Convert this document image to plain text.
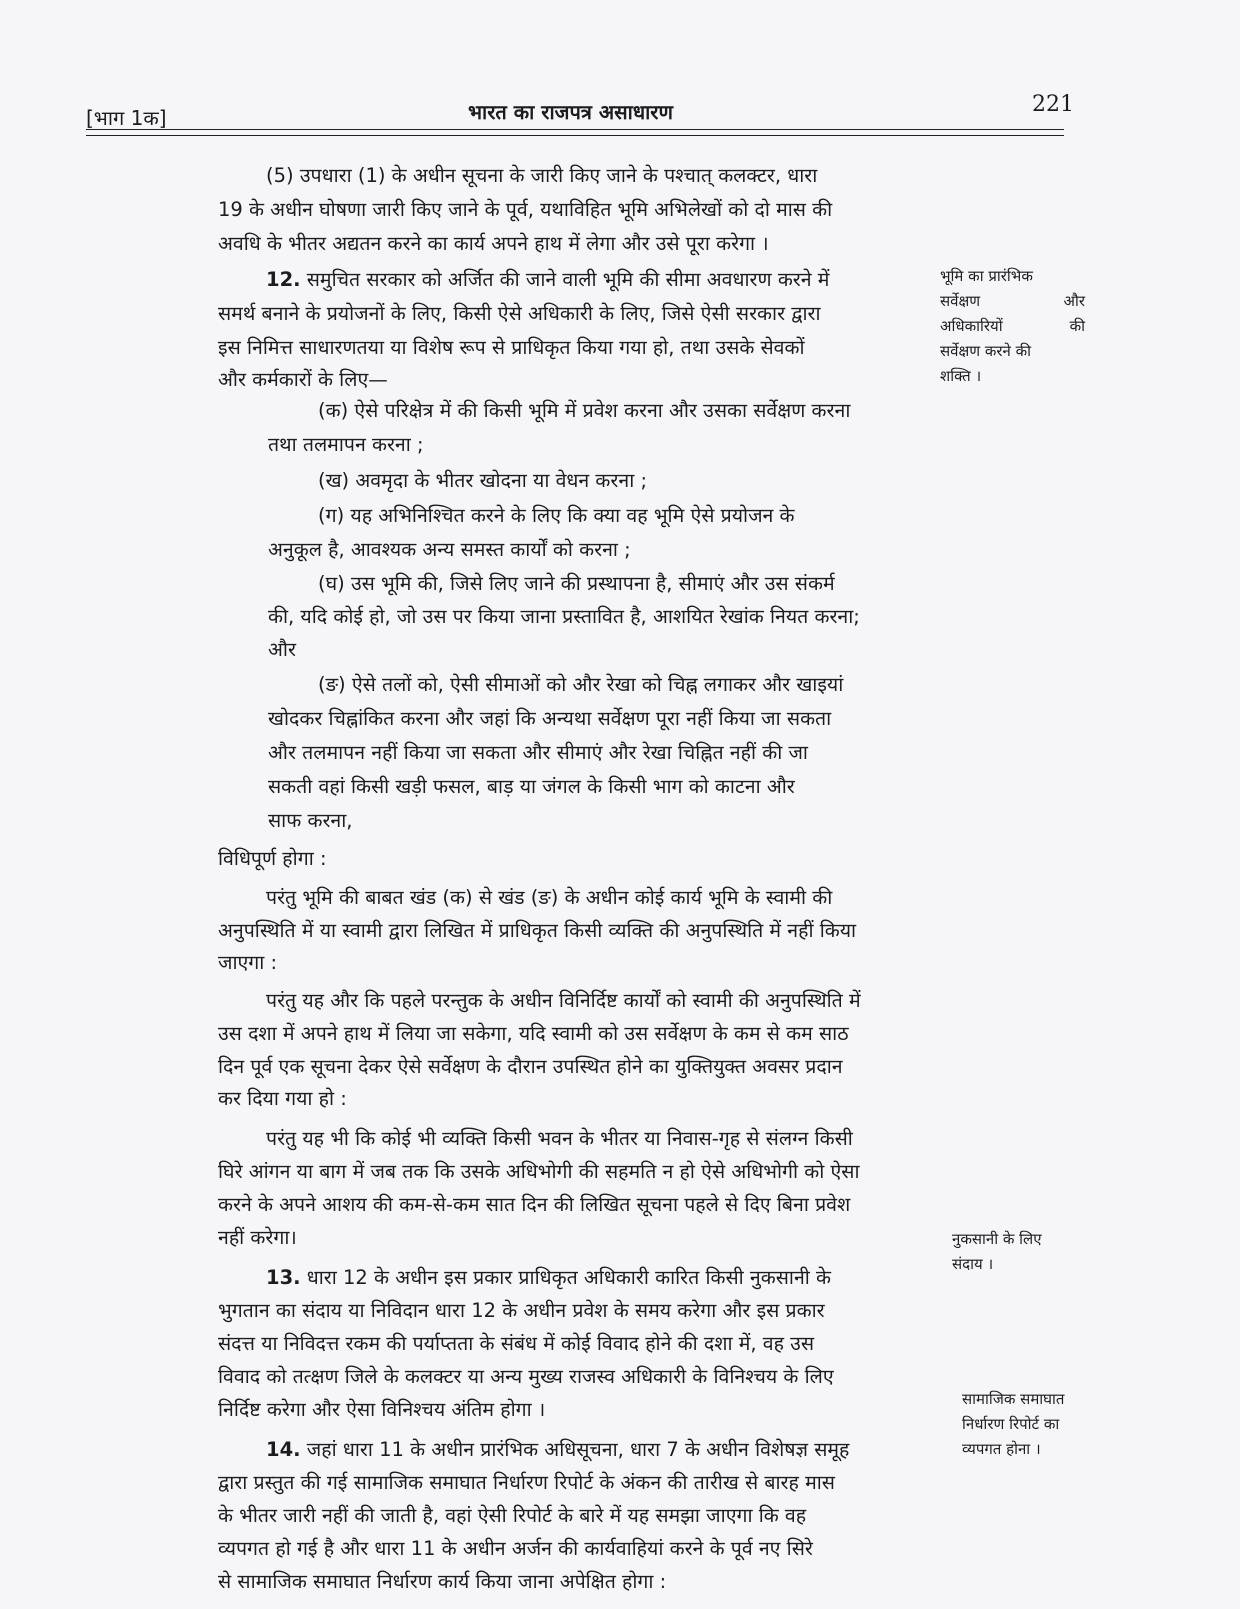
[भाग 1क]	भारत का राजपत्र असाधारण	221
(5) उपधारा (1) के अधीन सूचना के जारी किए जाने के पश्चात् कलक्टर, धारा
19 के अधीन घोषणा जारी किए जाने के पूर्व, यथाविहित भूमि अभिलेखों को दो मास की
अवधि के भीतर अद्यतन करने का कार्य अपने हाथ में लेगा और उसे पूरा करेगा ।
12. समुचित सरकार को अर्जित की जाने वाली भूमि की सीमा अवधारण करने में
समर्थ बनाने के प्रयोजनों के लिए, किसी ऐसे अधिकारी के लिए, जिसे ऐसी सरकार द्वारा
इस निमित्त साधारणतया या विशेष रूप से प्राधिकृत किया गया हो, तथा उसके सेवकों
और कर्मकारों के लिए—
(क) ऐसे परिक्षेत्र में की किसी भूमि में प्रवेश करना और उसका सर्वेक्षण करना
तथा तलमापन करना ;
(ख) अवमृदा के भीतर खोदना या वेधन करना ;
(ग) यह अभिनिश्चित करने के लिए कि क्या वह भूमि ऐसे प्रयोजन के
अनुकूल है, आवश्यक अन्य समस्त कार्यों को करना ;
(घ) उस भूमि की, जिसे लिए जाने की प्रस्थापना है, सीमाएं और उस संकर्म
की, यदि कोई हो, जो उस पर किया जाना प्रस्तावित है, आशयित रेखांक नियत करना;
और
(ङ) ऐसे तलों को, ऐसी सीमाओं को और रेखा को चिह्न लगाकर और खाइयां
खोदकर चिह्नांकित करना और जहां कि अन्यथा सर्वेक्षण पूरा नहीं किया जा सकता
और तलमापन नहीं किया जा सकता और सीमाएं और रेखा चिह्नित नहीं की जा
सकती वहां किसी खड़ी फसल, बाड़ या जंगल के किसी भाग को काटना और
साफ करना,
विधिपूर्ण होगा :
परंतु भूमि की बाबत खंड (क) से खंड (ङ) के अधीन कोई कार्य भूमि के स्वामी की
अनुपस्थिति में या स्वामी द्वारा लिखित में प्राधिकृत किसी व्यक्ति की अनुपस्थिति में नहीं किया
जाएगा :
परंतु यह और कि पहले परन्तुक के अधीन विनिर्दिष्ट कार्यों को स्वामी की अनुपस्थिति में
उस दशा में अपने हाथ में लिया जा सकेगा, यदि स्वामी को उस सर्वेक्षण के कम से कम साठ
दिन पूर्व एक सूचना देकर ऐसे सर्वेक्षण के दौरान उपस्थित होने का युक्तियुक्त अवसर प्रदान
कर दिया गया हो :
परंतु यह भी कि कोई भी व्यक्ति किसी भवन के भीतर या निवास-गृह से संलग्न किसी
घिरे आंगन या बाग में जब तक कि उसके अधिभोगी की सहमति न हो ऐसे अधिभोगी को ऐसा
करने के अपने आशय की कम-से-कम सात दिन की लिखित सूचना पहले से दिए बिना प्रवेश
नहीं करेगा।
13. धारा 12 के अधीन इस प्रकार प्राधिकृत अधिकारी कारित किसी नुकसानी के
भुगतान का संदाय या निविदान धारा 12 के अधीन प्रवेश के समय करेगा और इस प्रकार
संदत्त या निविदत्त रकम की पर्याप्तता के संबंध में कोई विवाद होने की दशा में, वह उस
विवाद को तत्क्षण जिले के कलक्टर या अन्य मुख्य राजस्व अधिकारी के विनिश्चय के लिए
निर्दिष्ट करेगा और ऐसा विनिश्चय अंतिम होगा ।
14. जहां धारा 11 के अधीन प्रारंभिक अधिसूचना, धारा 7 के अधीन विशेषज्ञ समूह
द्वारा प्रस्तुत की गई सामाजिक समाघात निर्धारण रिपोर्ट के अंकन की तारीख से बारह मास
के भीतर जारी नहीं की जाती है, वहां ऐसी रिपोर्ट के बारे में यह समझा जाएगा कि वह
व्यपगत हो गई है और धारा 11 के अधीन अर्जन की कार्यवाहियां करने के पूर्व नए सिरे
से सामाजिक समाघात निर्धारण कार्य किया जाना अपेक्षित होगा :
भूमि का प्रारंभिक
सर्वेक्षण	और
अधिकारियों	की
सर्वेक्षण करने की
शक्ति ।
नुकसानी के लिए
संदाय ।
सामाजिक समाघात
निर्धारण रिपोर्ट का
व्यपगत होना ।
